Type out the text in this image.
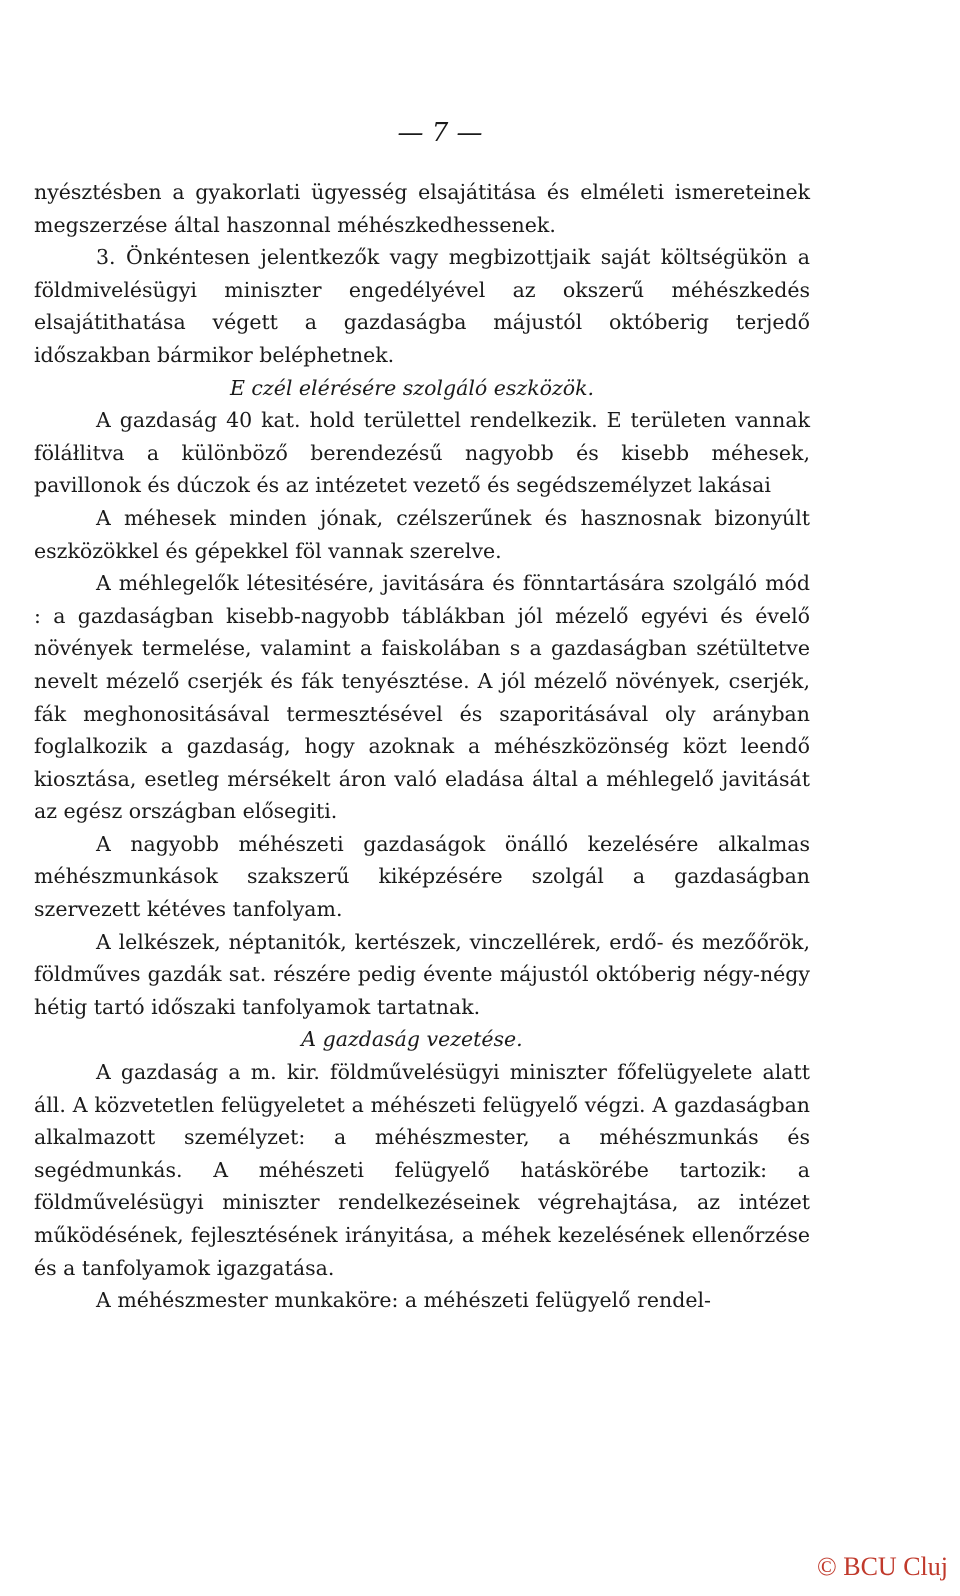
— 7 —

nyésztésben a gyakorlati ügyesség elsajátitása és elméleti ismereteinek megszerzése által haszonnal méhészkedhessenek.

3. Önkéntesen jelentkezők vagy megbizottjaik saját költségükön a földmivelésügyi miniszter engedélyével az okszerű méhészkedés elsajátithatása végett a gazdaságba májustól októberig terjedő időszakban bármikor beléphetnek.

E czél elérésére szolgáló eszközök.

A gazdaság 40 kat. hold területtel rendelkezik. E területen vannak föláłlitva a különböző berendezésű nagyobb és kisebb méhesek, pavillonok és dúczok és az intézetet vezető és segédszemélyzet lakásai

A méhesek minden jónak, czélszerűnek és hasznosnak bizonyúlt eszközökkel és gépekkel föl vannak szerelve.

A méhlegelők létesitésére, javitására és fönntartására szolgáló mód : a gazdaságban kisebb-nagyobb táblákban jól mézelő egyévi és évelő növények termelése, valamint a faiskolában s a gazdaságban szétültetve nevelt mézelő cserjék és fák tenyésztése. A jól mézelő növények, cserjék, fák meghonositásával termesztésével és szaporitásával oly arányban foglalkozik a gazdaság, hogy azoknak a méhészközönség közt leendő kiosztása, esetleg mérsékelt áron való eladása által a méhlegelő javitását az egész országban elősegiti.

A nagyobb méhészeti gazdaságok önálló kezelésére alkalmas méhészmunkások szakszerű kiképzésére szolgál a gazdaságban szervezett kétéves tanfolyam.

A lelkészek, néptanitók, kertészek, vinczellérek, erdő- és mezőőrök, földműves gazdák sat. részére pedig évente májustól októberig négy-négy hétig tartó időszaki tanfolyamok tartatnak.

A gazdaság vezetése.

A gazdaság a m. kir. földművelésügyi miniszter főfelügyelete alatt áll. A közvetetlen felügyeletet a méhészeti felügyelő végzi. A gazdaságban alkalmazott személyzet: a méhészmester, a méhészmunkás és segédmunkás. A méhészeti felügyelő hatáskörébe tartozik: a földművelésügyi miniszter rendelkezéseinek végrehajtása, az intézet működésének, fejlesztésének irányitása, a méhek kezelésének ellenőrzése és a tanfolyamok igazgatása.

A méhészmester munkaköre: a méhészeti felügyelő rendel-

© BCU Cluj
